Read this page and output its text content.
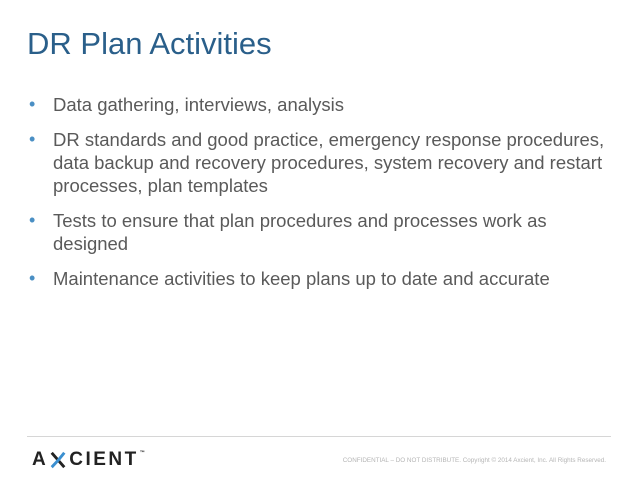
DR Plan Activities
• Data gathering, interviews, analysis
• DR standards and good practice, emergency response procedures, data backup and recovery procedures, system recovery and restart processes, plan templates
• Tests to ensure that plan procedures and processes work as designed
• Maintenance activities to keep plans up to date and accurate
A CIENT ™
CONFIDENTIAL – DO NOT DISTRIBUTE. Copyright © 2014 Axcient, Inc. All Rights Reserved.
